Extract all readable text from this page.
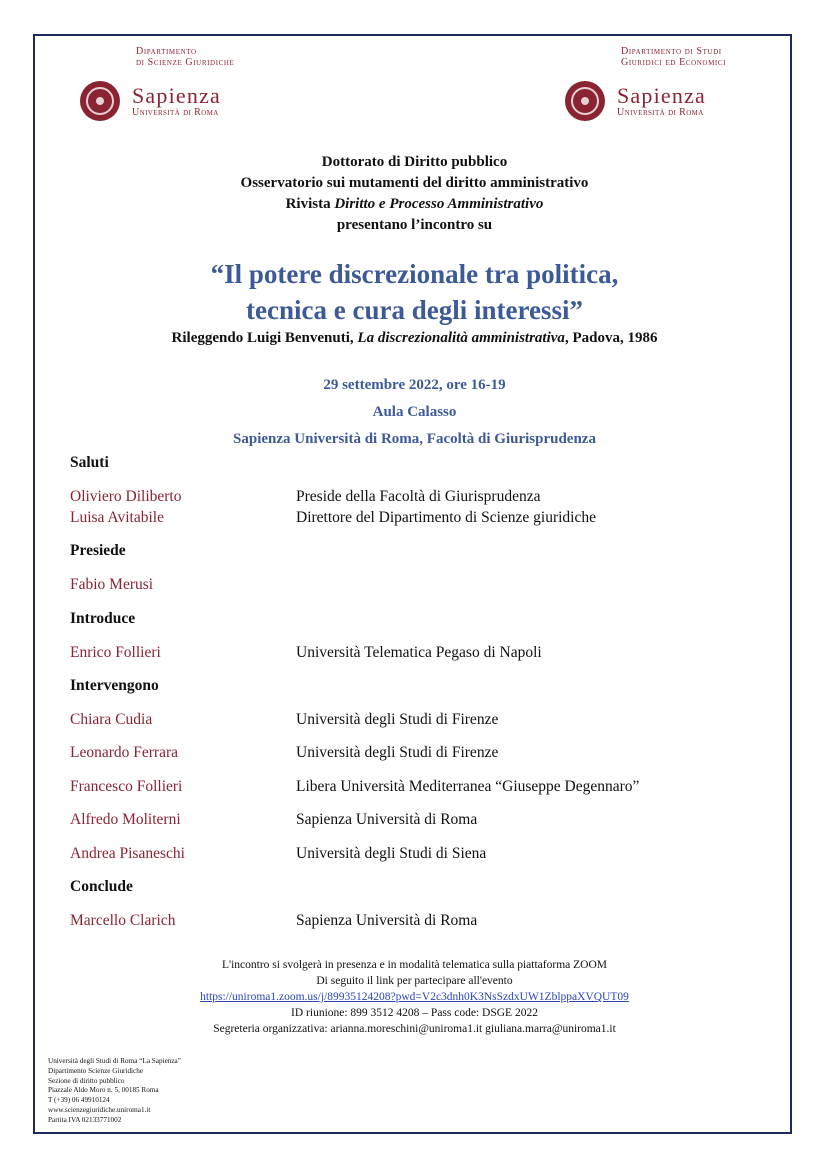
Dipartimento
di Scienze Giuridiche
Sapienza
Università di Roma
Dipartimento di Studi
Giuridici ed Economici
Sapienza
Università di Roma
Dottorato di Diritto pubblico
Osservatorio sui mutamenti del diritto amministrativo
Rivista Diritto e Processo Amministrativo
presentano l’incontro su
“Il potere discrezionale tra politica,
tecnica e cura degli interessi”
Rileggendo Luigi Benvenuti, La discrezionalità amministrativa, Padova, 1986
29 settembre 2022, ore 16-19
Aula Calasso
Sapienza Università di Roma, Facoltà di Giurisprudenza
Saluti
Oliviero Diliberto	Preside della Facoltà di Giurisprudenza
Luisa Avitabile	Direttore del Dipartimento di Scienze giuridiche
Presiede
Fabio Merusi
Introduce
Enrico Follieri	Università Telematica Pegaso di Napoli
Intervengono
Chiara Cudia	Università degli Studi di Firenze
Leonardo Ferrara	Università degli Studi di Firenze
Francesco Follieri	Libera Università Mediterranea “Giuseppe Degennaro”
Alfredo Moliterni	Sapienza Università di Roma
Andrea Pisaneschi	Università degli Studi di Siena
Conclude
Marcello Clarich	Sapienza Università di Roma
L'incontro si svolgerà in presenza e in modalità telematica sulla piattaforma ZOOM
Di seguito il link per partecipare all'evento
https://uniroma1.zoom.us/j/89935124208?pwd=V2c3dnh0K3NsSzdxUW1ZblppaXVQUT09
ID riunione: 899 3512 4208 – Pass code: DSGE 2022
Segreteria organizzativa: arianna.moreschini@uniroma1.it giuliana.marra@uniroma1.it
Università degli Studi di Roma “La Sapienza”
Dipartimento Scienze Giuridiche
Sezione di diritto pubblico
Piazzale Aldo Moro n. 5, 00185 Roma
T (+39) 06 49910124
www.scienzegiuridiche.uniroma1.it
Partita IVA 02133771002
